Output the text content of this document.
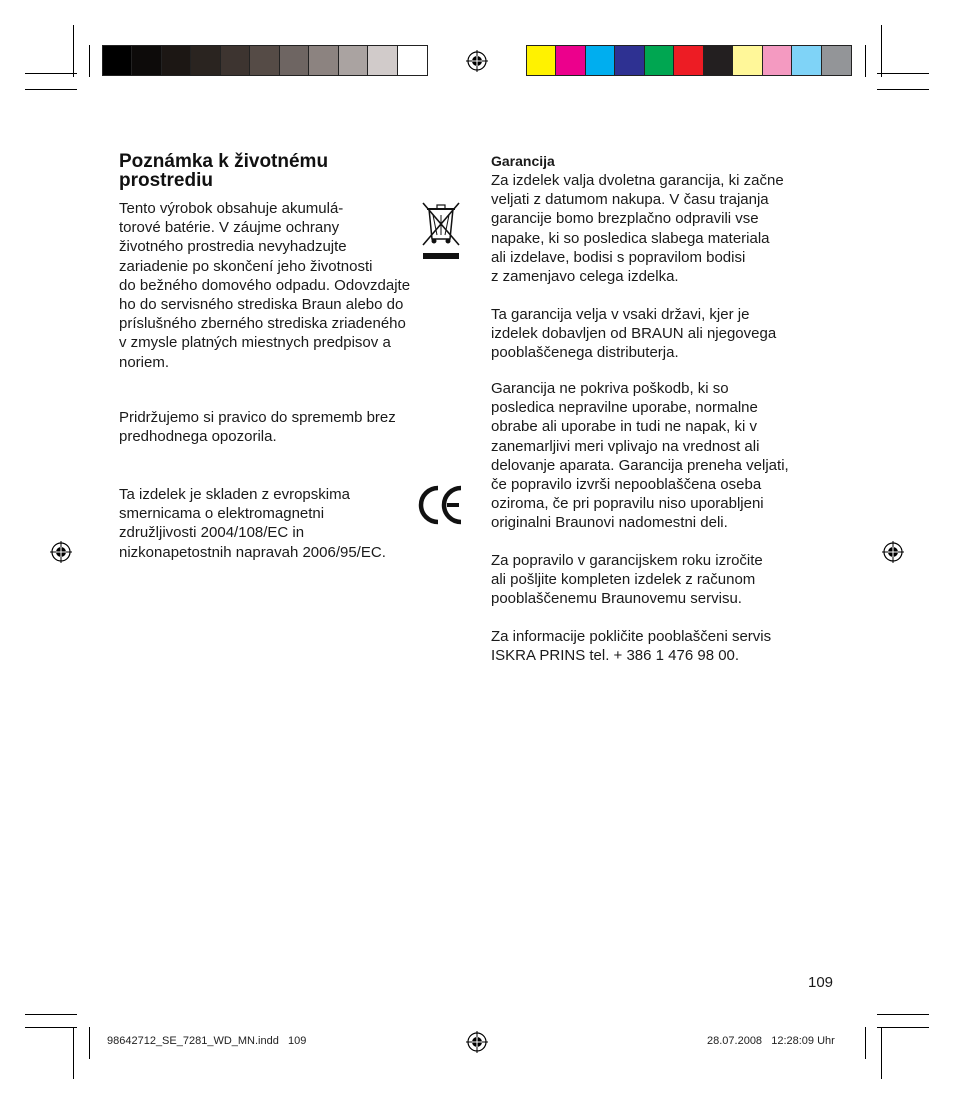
Poznámka k životnému
prostrediu
Tento výrobok obsahuje akumulá-
torové batérie. V záujme ochrany
životného prostredia nevyhadzujte
zariadenie po skončení jeho životnosti
do bežného domového odpadu. Odovzdajte
ho do servisného strediska Braun alebo do
príslušného zberného strediska zriadeného
v zmysle platných miestnych predpisov a
noriem.
Pridržujemo si pravico do sprememb brez
predhodnega opozorila.
Ta izdelek je skladen z evropskima
smernicama o elektromagnetni
združljivosti 2004/108/EC in
nizkonapetostnih napravah 2006/95/EC.
Garancija
Za izdelek valja dvoletna garancija, ki začne
veljati z datumom nakupa. V času trajanja
garancije bomo brezplačno odpravili vse
napake, ki so posledica slabega materiala
ali izdelave, bodisi s popravilom bodisi
z zamenjavo celega izdelka.
Ta garancija velja v vsaki državi, kjer je
izdelek dobavljen od BRAUN ali njegovega
pooblaščenega distributerja.
Garancija ne pokriva poškodb, ki so
posledica nepravilne uporabe, normalne
obrabe ali uporabe in tudi ne napak, ki v
zanemarljivi meri vplivajo na vrednost ali
delovanje aparata. Garancija preneha veljati,
če popravilo izvrši nepooblaščena oseba
oziroma, če pri popravilu niso uporabljeni
originalni Braunovi nadomestni deli.
Za popravilo v garancijskem roku izročite
ali pošljite kompleten izdelek z računom
pooblaščenemu Braunovemu servisu.
Za informacije pokličite pooblaščeni servis
ISKRA PRINS tel. + 386 1 476 98 00.
109
98642712_SE_7281_WD_MN.indd   109	28.07.2008   12:28:09 Uhr
